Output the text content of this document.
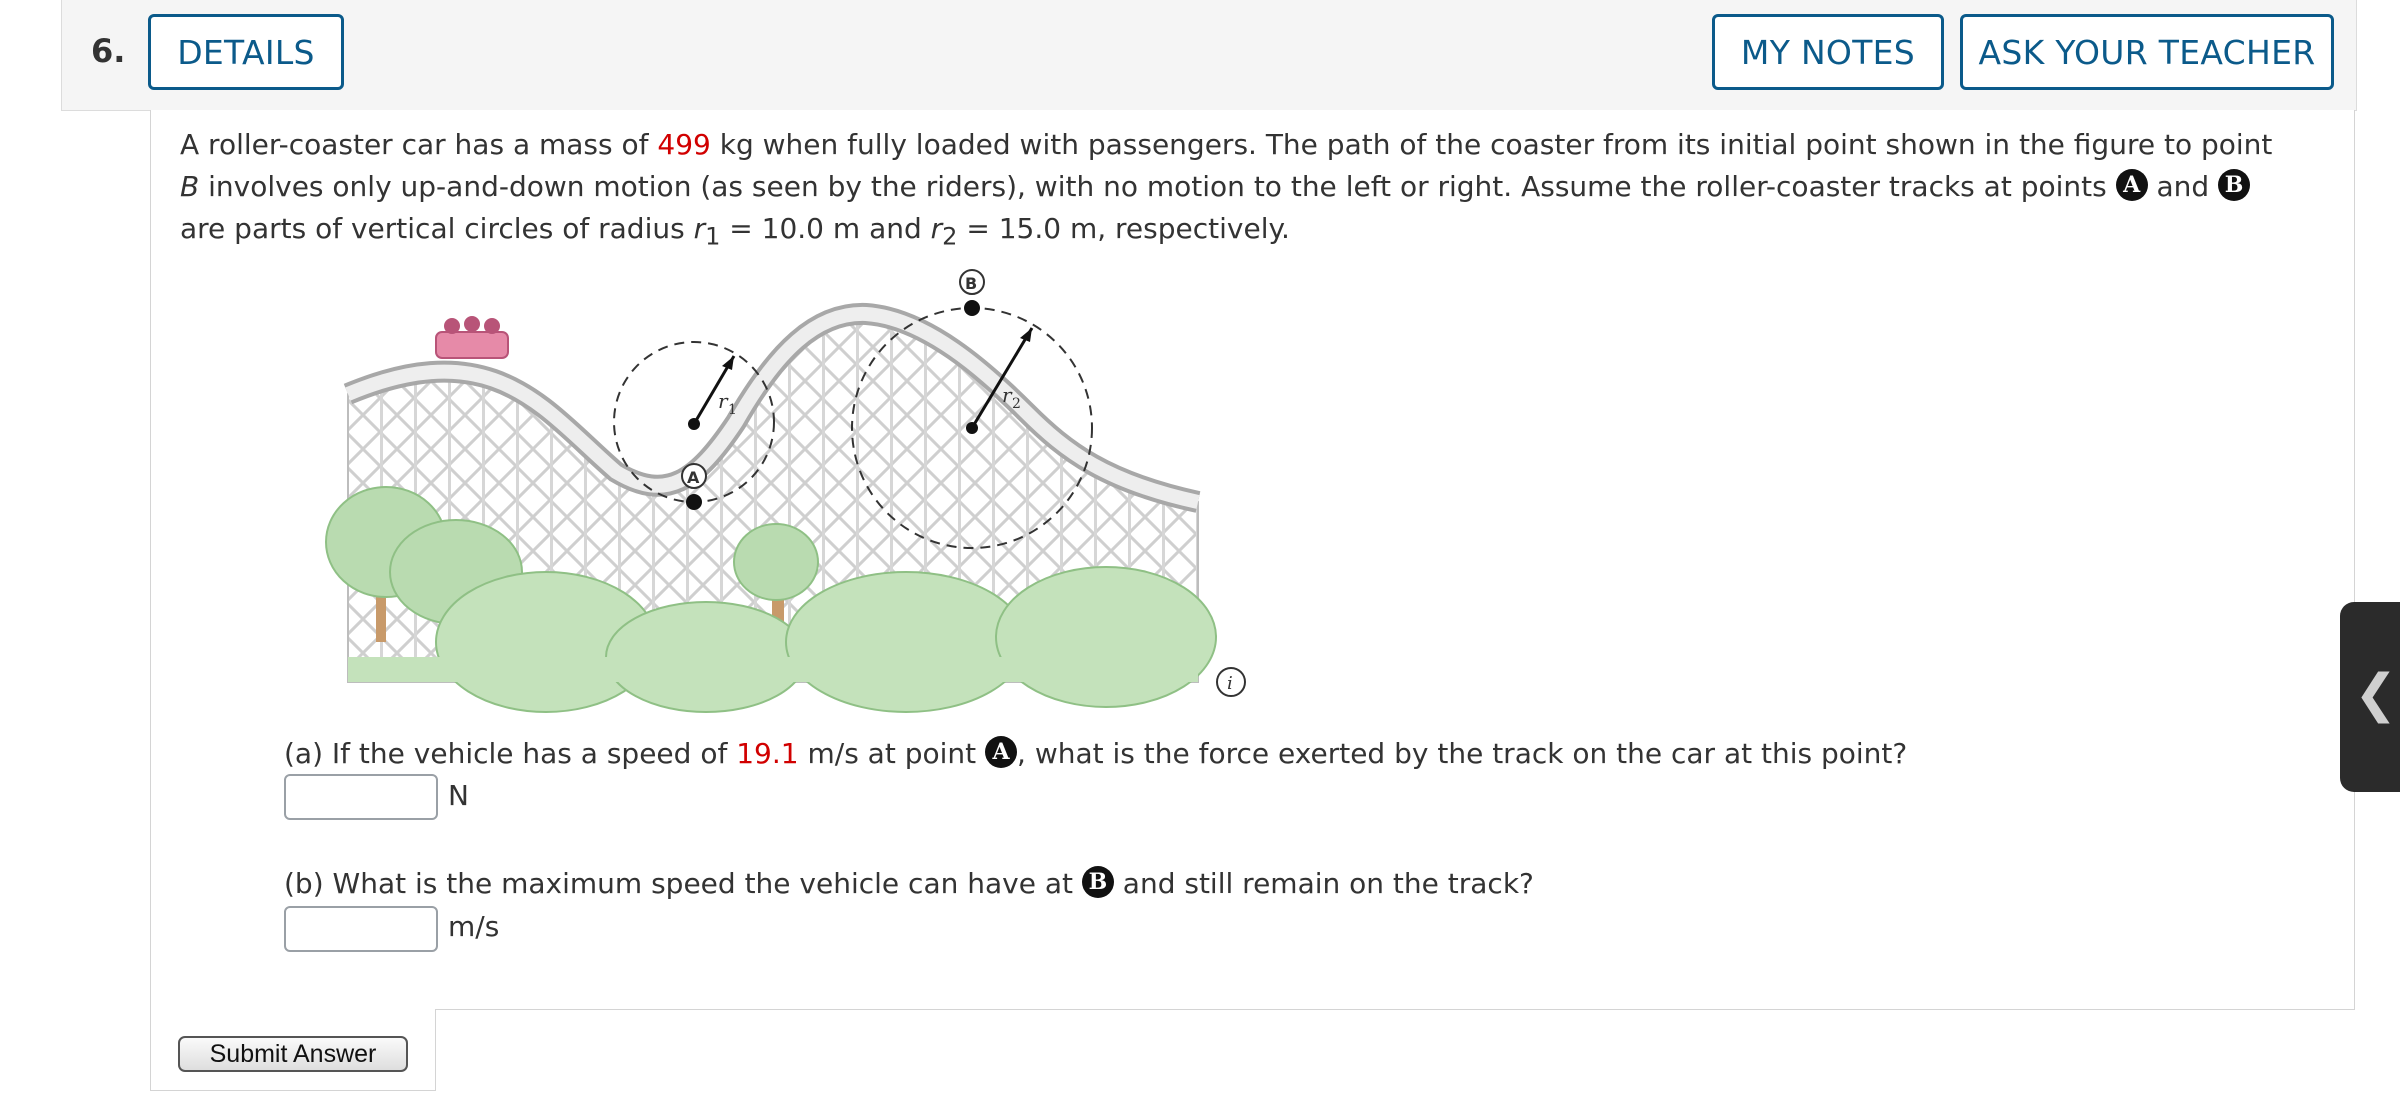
6.	DETAILS	MY NOTES	ASK YOUR TEACHER
A roller-coaster car has a mass of 499 kg when fully loaded with passengers. The path of the coaster from its initial point shown in the figure to point B involves only up-and-down motion (as seen by the riders), with no motion to the left or right. Assume the roller-coaster tracks at points A and B are parts of vertical circles of radius $r_1 = 10.0$ m and $r_2 = 15.0$ m, respectively.
r 1
r 2
A
B
i
(a) If the vehicle has a speed of 19.1 m/s at point A , what is the force exerted by the track on the car at this point?
N
(b) What is the maximum speed the vehicle can have at B and still remain on the track?
m/s
Submit Answer
❮
